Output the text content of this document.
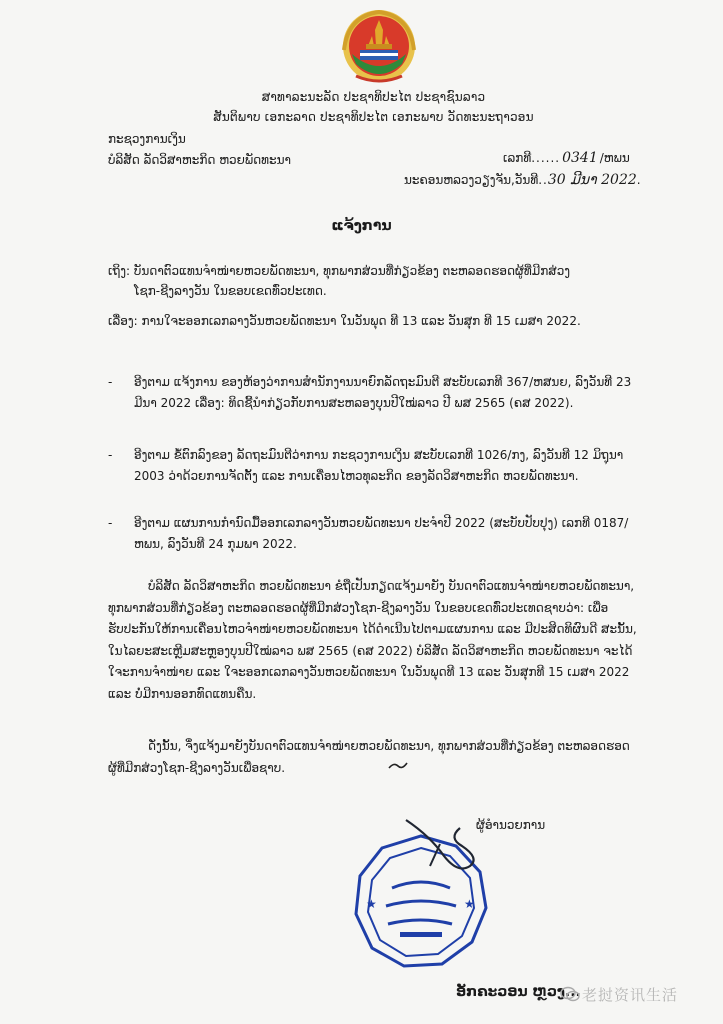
ສາທາລະນະລັດ ປະຊາທິປະໄຕ ປະຊາຊົນລາວ
ສັນຕິພາບ ເອກະລາດ ປະຊາທິປະໄຕ ເອກະພາບ ວັດທະນະຖາວອນ
ກະຊວງການເງິນ
ບໍລິສັດ ລັດວິສາຫະກິດ ຫວຍພັດທະນາ	ເລກທີ...... 0341 /ຫພນ
ນະຄອນຫລວງວຽງຈັນ,ວັນທີ..30 ມີນາ 2022.
ແຈ້ງການ
ເຖິງ: ບັນດາຕົວແທນຈຳໜ່າຍຫວຍພັດທະນາ, ທຸກພາກສ່ວນທີ່ກ່ຽວຂ້ອງ ຕະຫລອດຮອດຜູ້ທີ່ມີກສ່ວງ
ໂຊກ-ຊີງລາງວັນ ໃນຂອບເຂດທົ່ວປະເທດ.
ເລື່ອງ: ການໃຈະອອກເລກລາງວັນຫວຍພັດທະນາ ໃນວັນພຸດ ທີ 13 ແລະ ວັນສຸກ ທີ 15 ເມສາ 2022.
- ອີງຕາມ ແຈ້ງການ ຂອງຫ້ອງວ່າການສຳນັກງານນາຍົກລັດຖະມົນຕີ ສະບັບເລກທີ 367/ຫສນຍ, ລົງວັນທີ 23 ມີນາ 2022 ເລື່ອງ: ທິດຊີ້ນຳກ່ຽວກັບການສະຫລອງບຸນປີໃໝ່ລາວ ປີ ພສ 2565 (ຄສ 2022).
- ອີງຕາມ ຂໍ້ຕົກລົງຂອງ ລັດຖະມົນຕີວ່າການ ກະຊວງການເງິນ ສະບັບເລກທີ 1026/ກງ, ລົງວັນທີ 12 ມິຖຸນາ 2003 ວ່າດ້ວຍການຈັດຕັ້ງ ແລະ ການເຄື່ອນໄຫວທຸລະກິດ ຂອງລັດວິສາຫະກິດ ຫວຍພັດທະນາ.
- ອີງຕາມ ແຜນການກຳນົດມື້ອອກເລກລາງວັນຫວຍພັດທະນາ ປະຈຳປີ 2022 (ສະບັບປັບປຸງ) ເລກທີ 0187/ຫພນ, ລົງວັນທີ 24 ກຸມພາ 2022.
ບໍລິສັດ ລັດວິສາຫະກິດ ຫວຍພັດທະນາ ຂໍຖືເປັນກຽດແຈ້ງມາຍັງ ບັນດາຕົວແທນຈຳໜ່າຍຫວຍພັດທະນາ, ທຸກພາກສ່ວນທີ່ກ່ຽວຂ້ອງ ຕະຫລອດຮອດຜູ້ທີ່ມີກສ່ວງໂຊກ-ຊີງລາງວັນ ໃນຂອບເຂດທົ່ວປະເທດຊາບວ່າ: ເພື່ອຮັບປະກັນໃຫ້ການເຄື່ອນໄຫວຈຳໜ່າຍຫວຍພັດທະນາ ໄດ້ດຳເນີນໄປຕາມແຜນການ ແລະ ມີປະສິດທິຜົນດີ ສະນັ້ນ, ໃນໄລຍະສະເຫຼີມສະຫຼອງບຸນປີໃໝ່ລາວ ພສ 2565 (ຄສ 2022) ບໍລິສັດ ລັດວິສາຫະກິດ ຫວຍພັດທະນາ ຈະໄດ້ໃຈະການຈຳໜ່າຍ ແລະ ໃຈະອອກເລກລາງວັນຫວຍພັດທະນາ ໃນວັນພຸດທີ 13 ແລະ ວັນສຸກທີ 15 ເມສາ 2022 ແລະ ບໍ່ມີການອອກທົດແທນຄືນ.
ດັ່ງນັ້ນ, ຈຶ່ງແຈ້ງມາຍັງບັນດາຕົວແທນຈຳໜ່າຍຫວຍພັດທະນາ, ທຸກພາກສ່ວນທີ່ກ່ຽວຂ້ອງ ຕະຫລອດຮອດຜູ້ທີ່ມີກສ່ວງໂຊກ-ຊີງລາງວັນເພື່ອຊາບ.
ຜູ້ອຳນວຍການ
★
★
ອັກຄະວອນ ຫຼວງ... 老挝资讯生活
